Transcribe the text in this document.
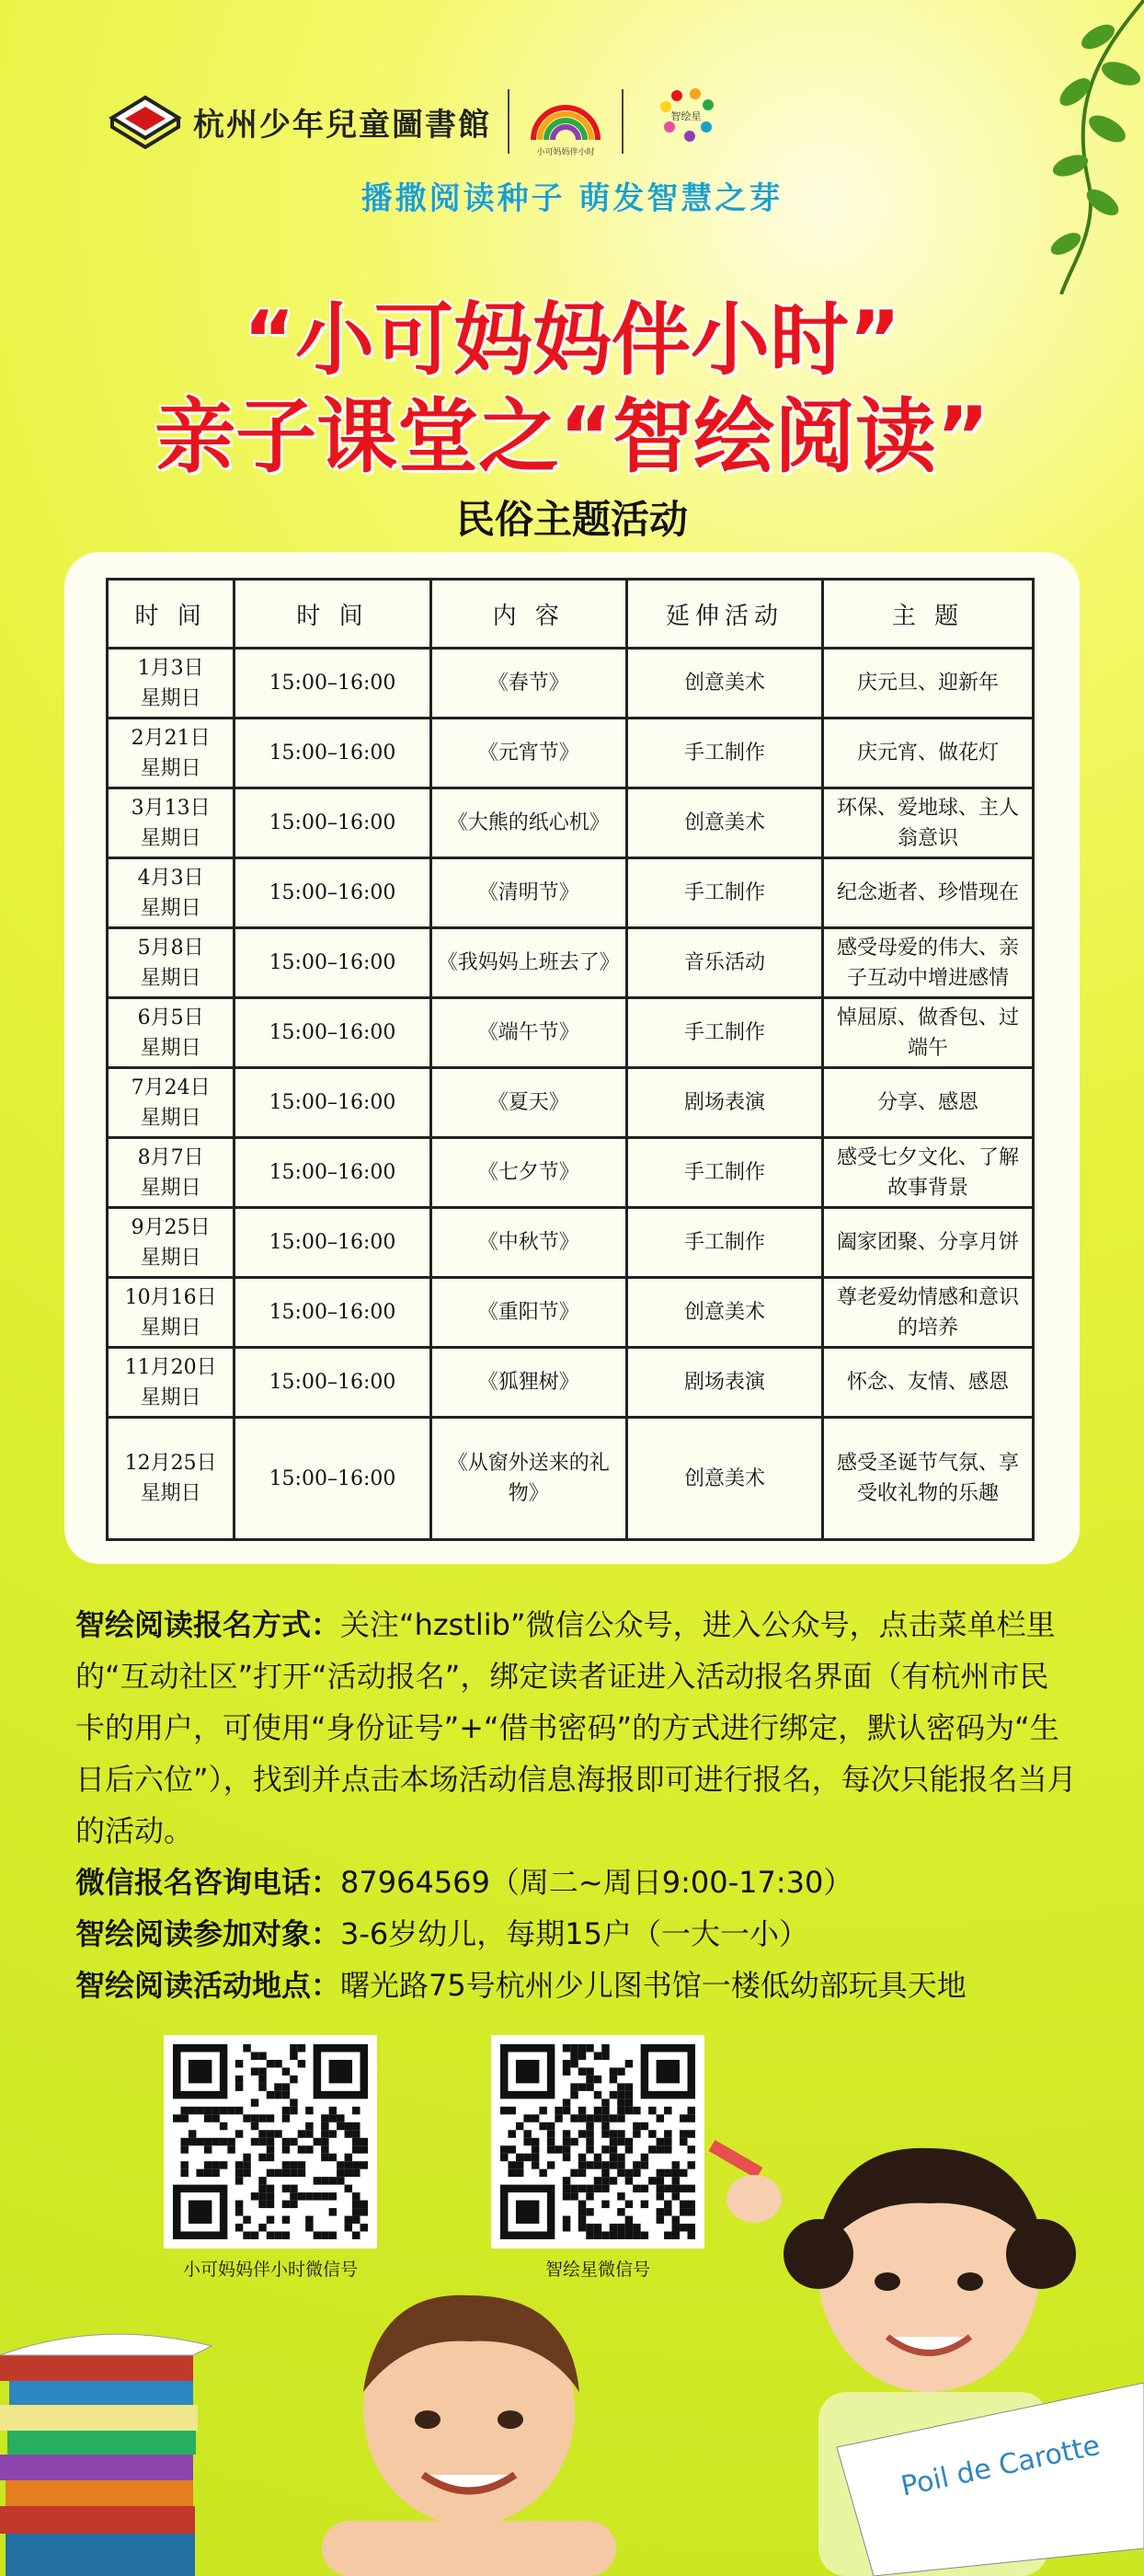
杭州少年兒童圖書館
小可妈妈伴小时
智绘星
播撒阅读种子 萌发智慧之芽
“小可妈妈伴小时”
亲子课堂之“智绘阅读”
民俗主题活动
时 间	时 间	内 容	延伸活动	主 题

1月3日
星期日	15:00–16:00	《春节》	创意美术	庆元旦、迎新年

2月21日
星期日	15:00–16:00	《元宵节》	手工制作	庆元宵、做花灯

3月13日
星期日	15:00–16:00	《大熊的纸心机》	创意美术	环保、爱地球、主人翁意识

4月3日
星期日	15:00–16:00	《清明节》	手工制作	纪念逝者、珍惜现在

5月8日
星期日	15:00–16:00	《我妈妈上班去了》	音乐活动	感受母爱的伟大、亲子互动中增进感情

6月5日
星期日	15:00–16:00	《端午节》	手工制作	悼屈原、做香包、过端午

7月24日
星期日	15:00–16:00	《夏天》	剧场表演	分享、感恩

8月7日
星期日	15:00–16:00	《七夕节》	手工制作	感受七夕文化、了解故事背景

9月25日
星期日	15:00–16:00	《中秋节》	手工制作	阖家团聚、分享月饼

10月16日
星期日	15:00–16:00	《重阳节》	创意美术	尊老爱幼情感和意识的培养

11月20日
星期日	15:00–16:00	《狐狸树》	剧场表演	怀念、友情、感恩

12月25日
星期日	15:00–16:00	《从窗外送来的礼物》	创意美术	感受圣诞节气氛、享受收礼物的乐趣

智绘阅读报名方式：关注“hzstlib”微信公众号，进入公众号，点击菜单栏里的“互动社区”打开“活动报名”，绑定读者证进入活动报名界面（有杭州市民卡的用户，可使用“身份证号”+“借书密码”的方式进行绑定，默认密码为“生日后六位”），找到并点击本场活动信息海报即可进行报名，每次只能报名当月的活动。

微信报名咨询电话：87964569（周二~周日9:00-17:30）

智绘阅读参加对象：3-6岁幼儿，每期15户（一大一小）

智绘阅读活动地点：曙光路75号杭州少儿图书馆一楼低幼部玩具天地

小可妈妈伴小时微信号	智绘星微信号
Poil de Carotte
